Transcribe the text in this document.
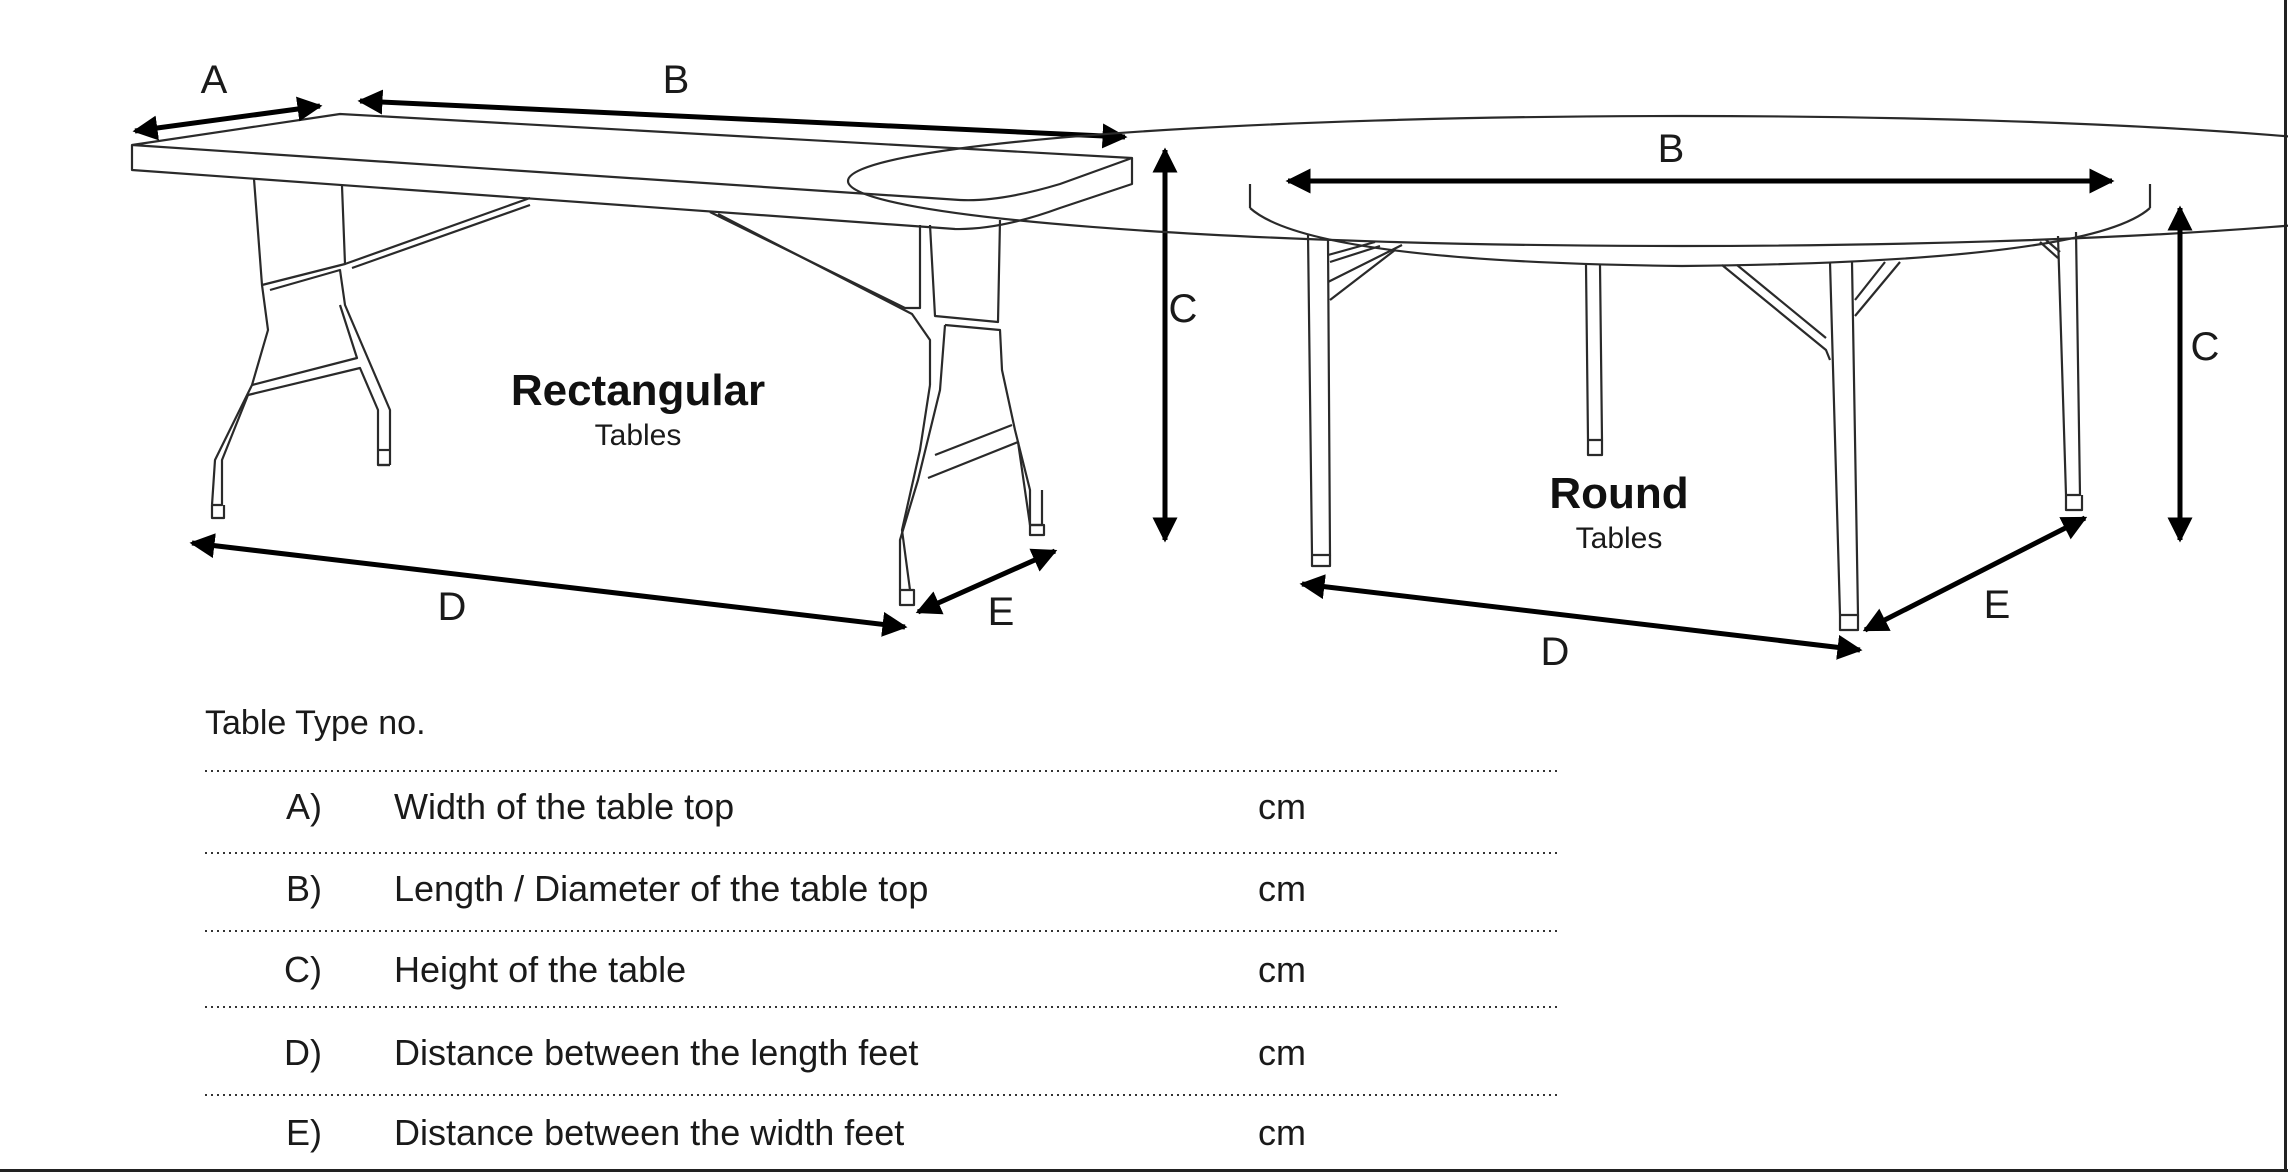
A	B
C
D	E
Rectangular
Tables
B
C
D
E
Round
Tables
Table Type no.
A) Width of the table top	cm
B) Length / Diameter of the table top	cm
C) Height of the table	cm
D) Distance between the length feet	cm
E) Distance between the width feet	cm
